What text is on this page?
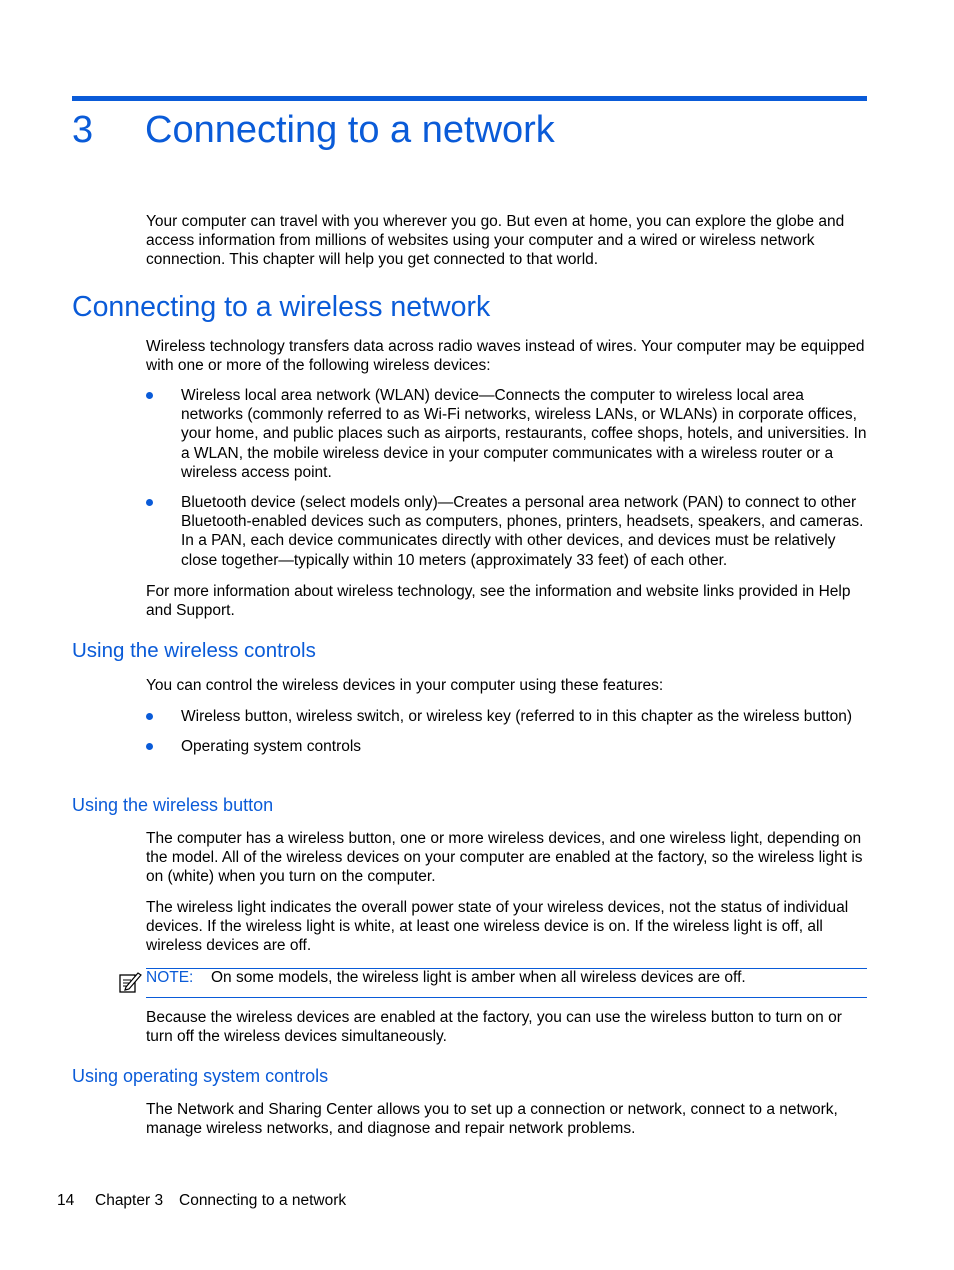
3	Connecting to a network

Your computer can travel with you wherever you go. But even at home, you can explore the globe and access information from millions of websites using your computer and a wired or wireless network connection. This chapter will help you get connected to that world.

Connecting to a wireless network

Wireless technology transfers data across radio waves instead of wires. Your computer may be equipped with one or more of the following wireless devices:

Wireless local area network (WLAN) device—Connects the computer to wireless local area networks (commonly referred to as Wi-Fi networks, wireless LANs, or WLANs) in corporate offices, your home, and public places such as airports, restaurants, coffee shops, hotels, and universities. In a WLAN, the mobile wireless device in your computer communicates with a wireless router or a wireless access point.
Bluetooth device (select models only)—Creates a personal area network (PAN) to connect to other Bluetooth-enabled devices such as computers, phones, printers, headsets, speakers, and cameras. In a PAN, each device communicates directly with other devices, and devices must be relatively close together—typically within 10 meters (approximately 33 feet) of each other.

For more information about wireless technology, see the information and website links provided in Help and Support.

Using the wireless controls

You can control the wireless devices in your computer using these features:

Wireless button, wireless switch, or wireless key (referred to in this chapter as the wireless button)
Operating system controls
Using the wireless button

The computer has a wireless button, one or more wireless devices, and one wireless light, depending on the model. All of the wireless devices on your computer are enabled at the factory, so the wireless light is on (white) when you turn on the computer.

The wireless light indicates the overall power state of your wireless devices, not the status of individual devices. If the wireless light is white, at least one wireless device is on. If the wireless light is off, all wireless devices are off.

NOTE: On some models, the wireless light is amber when all wireless devices are off.

Because the wireless devices are enabled at the factory, you can use the wireless button to turn on or turn off the wireless devices simultaneously.

Using operating system controls

The Network and Sharing Center allows you to set up a connection or network, connect to a network, manage wireless networks, and diagnose and repair network problems.

14	Chapter 3	Connecting to a network
